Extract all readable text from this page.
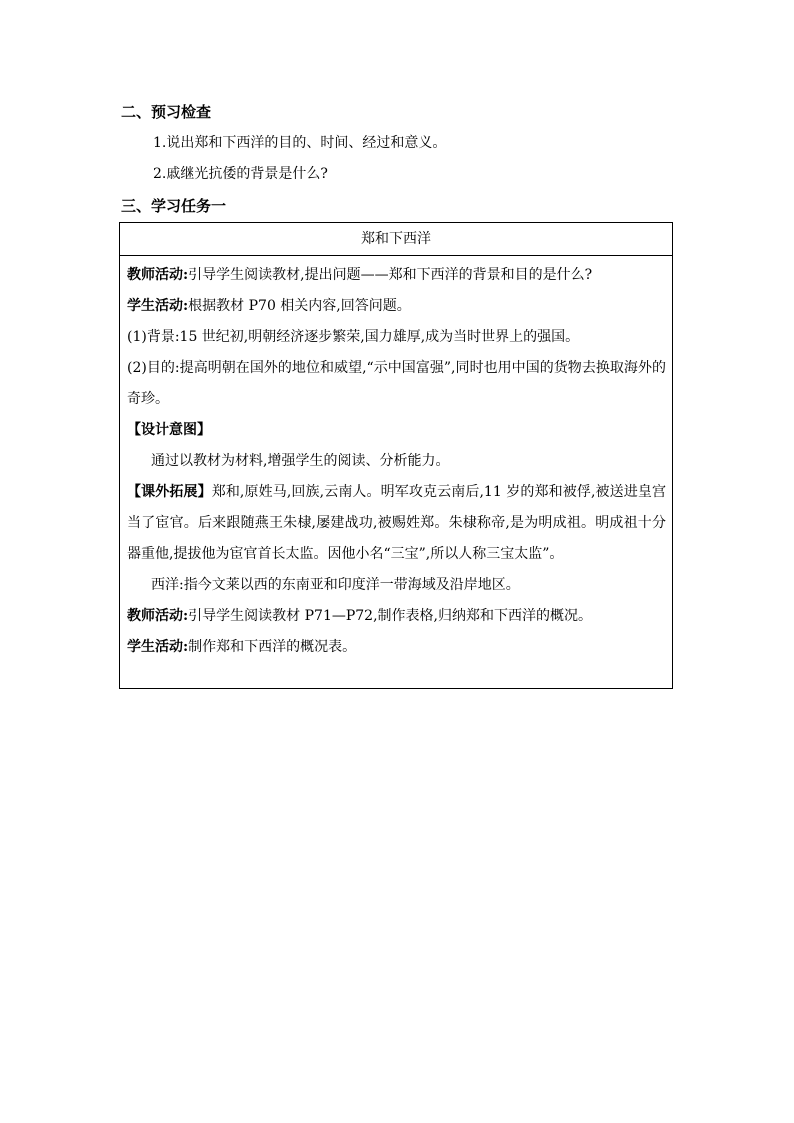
二、预习检查
1.说出郑和下西洋的目的、时间、经过和意义。
2.戚继光抗倭的背景是什么?
三、学习任务一
郑和下西洋
教师活动:引导学生阅读教材,提出问题——郑和下西洋的背景和目的是什么?
学生活动:根据教材 P70 相关内容,回答问题。
(1)背景:15 世纪初,明朝经济逐步繁荣,国力雄厚,成为当时世界上的强国。
(2)目的:提高明朝在国外的地位和威望,“示中国富强”,同时也用中国的货物去换取海外的奇珍。
【设计意图】
通过以教材为材料,增强学生的阅读、分析能力。
【课外拓展】郑和,原姓马,回族,云南人。明军攻克云南后,11 岁的郑和被俘,被送进皇宫当了宦官。后来跟随燕王朱棣,屡建战功,被赐姓郑。朱棣称帝,是为明成祖。明成祖十分器重他,提拔他为宦官首长太监。因他小名“三宝”,所以人称三宝太监”。
西洋:指今文莱以西的东南亚和印度洋一带海域及沿岸地区。
教师活动:引导学生阅读教材 P71—P72,制作表格,归纳郑和下西洋的概况。
学生活动:制作郑和下西洋的概况表。
